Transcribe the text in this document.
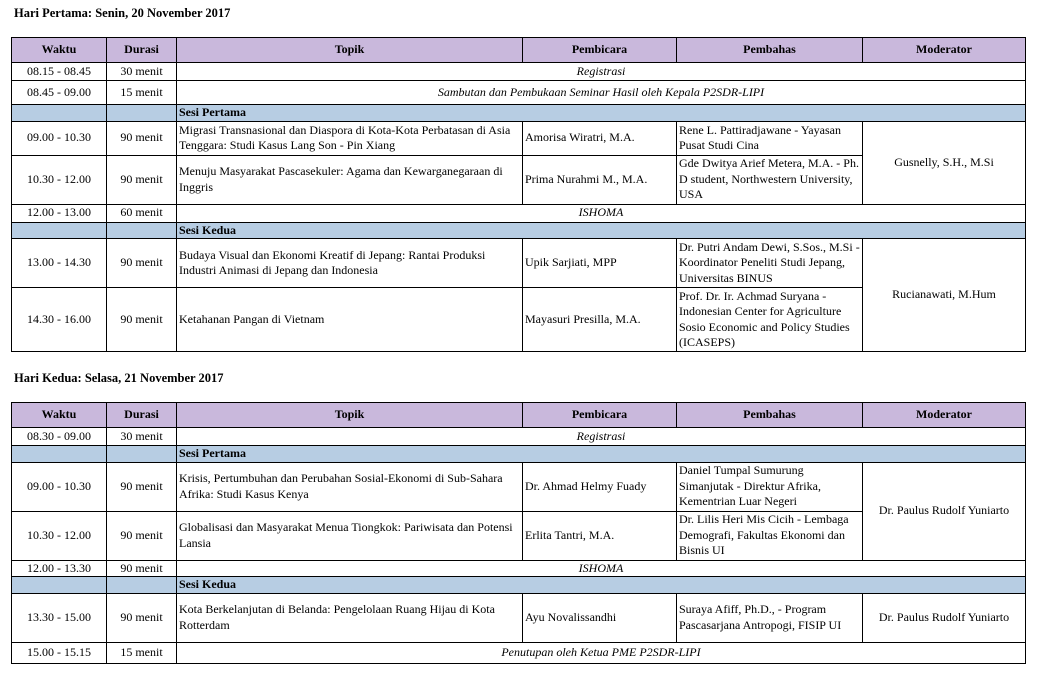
Hari Pertama: Senin, 20 November 2017
Waktu	Durasi	Topik	Pembicara	Pembahas	Moderator
08.15 - 08.45	30 menit	Registrasi			
08.45 - 09.00	15 menit	Sambutan dan Pembukaan Seminar Hasil oleh Kepala P2SDR-LIPI			
		Sesi Pertama			
09.00 - 10.30	90 menit	Migrasi Transnasional dan Diaspora di Kota-Kota Perbatasan di Asia Tenggara: Studi Kasus Lang Son - Pin Xiang	Amorisa Wiratri, M.A.	Rene L. Pattiradjawane - Yayasan Pusat Studi Cina	Gusnelly, S.H., M.Si
10.30 - 12.00	90 menit	Menuju Masyarakat Pascasekuler: Agama dan Kewarganegaraan di Inggris	Prima Nurahmi M., M.A.	Gde Dwitya Arief Metera, M.A. - Ph. D student, Northwestern University, USA	
12.00 - 13.00	60 menit	ISHOMA			
		Sesi Kedua			
13.00 - 14.30	90 menit	Budaya Visual dan Ekonomi Kreatif di Jepang: Rantai Produksi Industri Animasi di Jepang dan Indonesia	Upik Sarjiati, MPP	Dr. Putri Andam Dewi, S.Sos., M.Si - Koordinator Peneliti Studi Jepang, Universitas BINUS	Rucianawati, M.Hum
14.30 - 16.00	90 menit	Ketahanan Pangan di Vietnam	Mayasuri Presilla, M.A.	Prof. Dr. Ir. Achmad Suryana - Indonesian Center for Agriculture Sosio Economic and Policy Studies (ICASEPS)	
Hari Kedua: Selasa, 21 November 2017
Waktu	Durasi	Topik	Pembicara	Pembahas	Moderator
08.30 - 09.00	30 menit	Registrasi			
		Sesi Pertama			
09.00 - 10.30	90 menit	Krisis, Pertumbuhan dan Perubahan Sosial-Ekonomi di Sub-Sahara Afrika: Studi Kasus Kenya	Dr. Ahmad Helmy Fuady	Daniel Tumpal Sumurung Simanjutak - Direktur Afrika, Kementrian Luar Negeri	Dr. Paulus Rudolf Yuniarto
10.30 - 12.00	90 menit	Globalisasi dan Masyarakat Menua Tiongkok: Pariwisata dan Potensi Lansia	Erlita Tantri, M.A.	Dr. Lilis Heri Mis Cicih - Lembaga Demografi, Fakultas Ekonomi dan Bisnis UI	
12.00 - 13.30	90 menit	ISHOMA			
		Sesi Kedua			
13.30 - 15.00	90 menit	Kota Berkelanjutan di Belanda: Pengelolaan Ruang Hijau di Kota Rotterdam	Ayu Novalissandhi	Suraya Afiff, Ph.D., - Program Pascasarjana Antropogi, FISIP UI	Dr. Paulus Rudolf Yuniarto
15.00 - 15.15	15 menit	Penutupan oleh Ketua PME P2SDR-LIPI			
